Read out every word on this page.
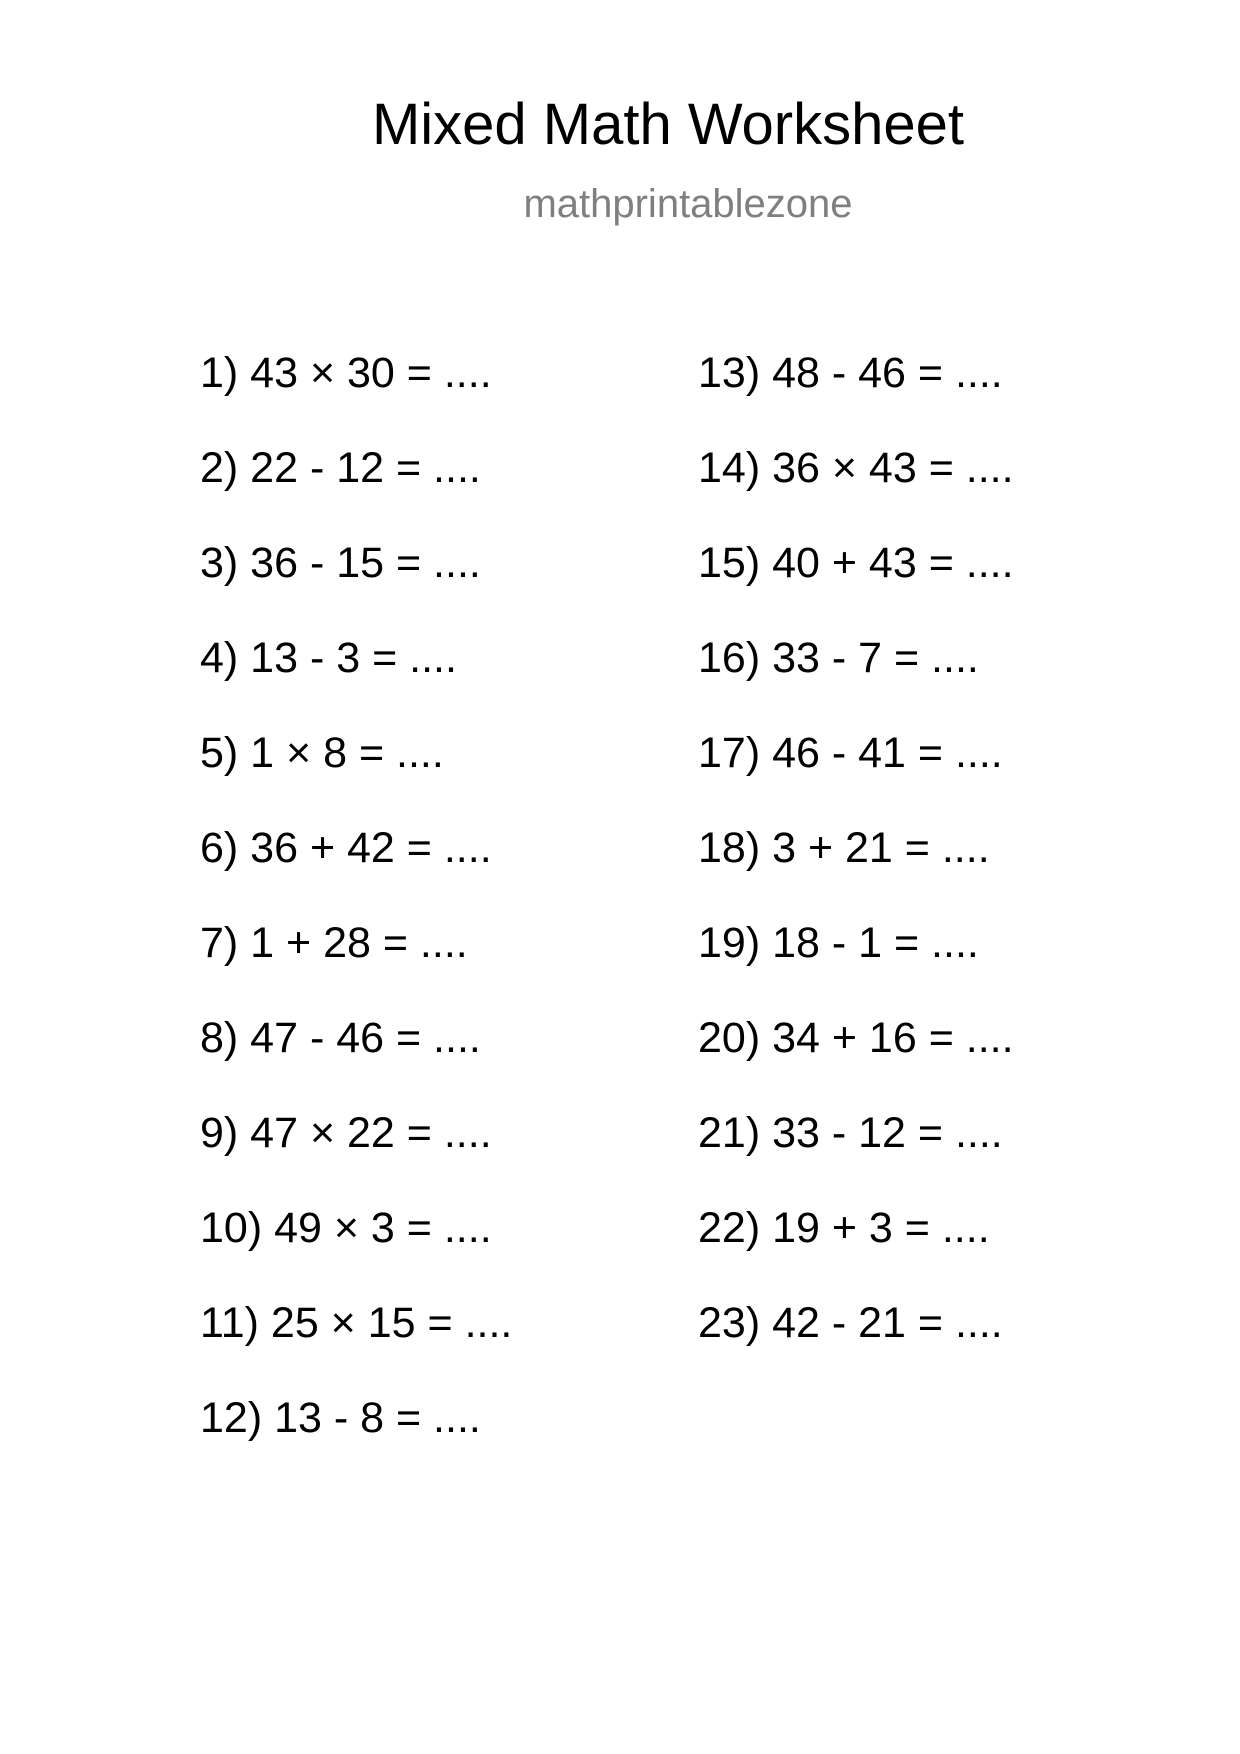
Mixed Math Worksheet
mathprintablezone
1) 43 × 30 = ....
2) 22 - 12 = ....
3) 36 - 15 = ....
4) 13 - 3 = ....
5) 1 × 8 = ....
6) 36 + 42 = ....
7) 1 + 28 = ....
8) 47 - 46 = ....
9) 47 × 22 = ....
10) 49 × 3 = ....
11) 25 × 15 = ....
12) 13 - 8 = ....
13) 48 - 46 = ....
14) 36 × 43 = ....
15) 40 + 43 = ....
16) 33 - 7 = ....
17) 46 - 41 = ....
18) 3 + 21 = ....
19) 18 - 1 = ....
20) 34 + 16 = ....
21) 33 - 12 = ....
22) 19 + 3 = ....
23) 42 - 21 = ....
